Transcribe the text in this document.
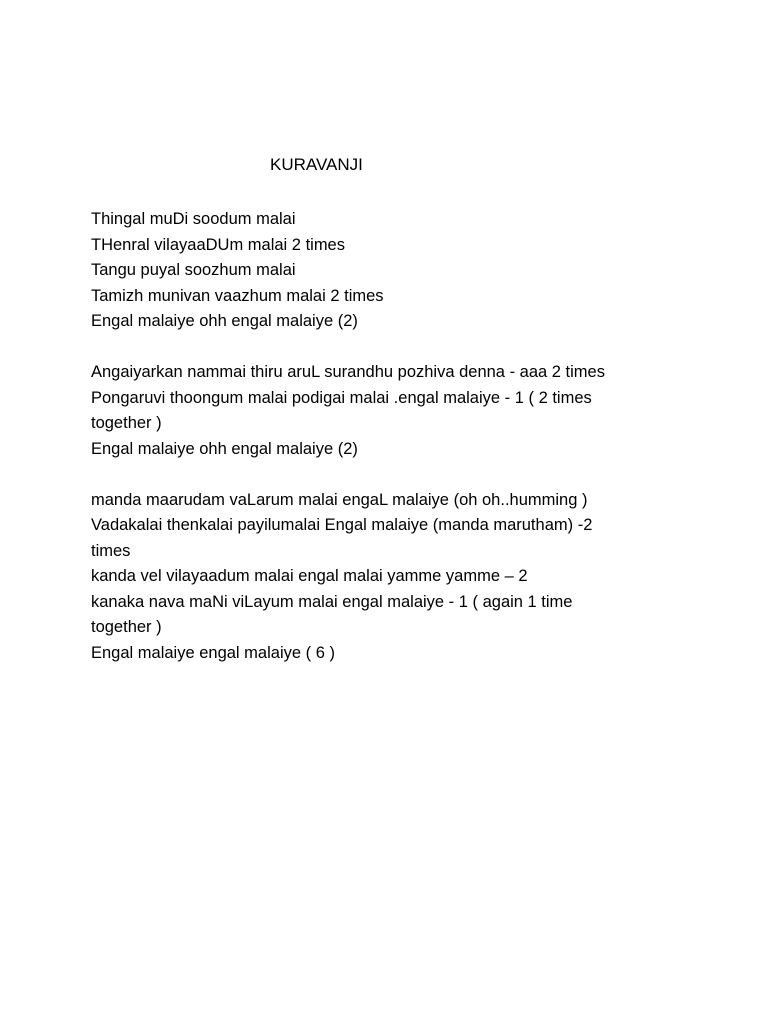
KURAVANJI
Thingal muDi soodum malai
THenral vilayaaDUm malai 2 times
Tangu puyal soozhum malai
Tamizh munivan vaazhum malai 2 times
Engal malaiye ohh engal malaiye (2)
Angaiyarkan nammai thiru aruL surandhu pozhiva denna - aaa 2 times
Pongaruvi thoongum malai podigai malai .engal malaiye - 1 ( 2 times
together )
Engal malaiye ohh engal malaiye (2)
manda maarudam vaLarum malai engaL malaiye (oh oh..humming )
Vadakalai thenkalai payilumalai Engal malaiye (manda marutham) -2
times
kanda vel vilayaadum malai engal malai yamme yamme – 2
kanaka nava maNi viLayum malai engal malaiye - 1 ( again 1 time
together )
Engal malaiye engal malaiye ( 6 )
